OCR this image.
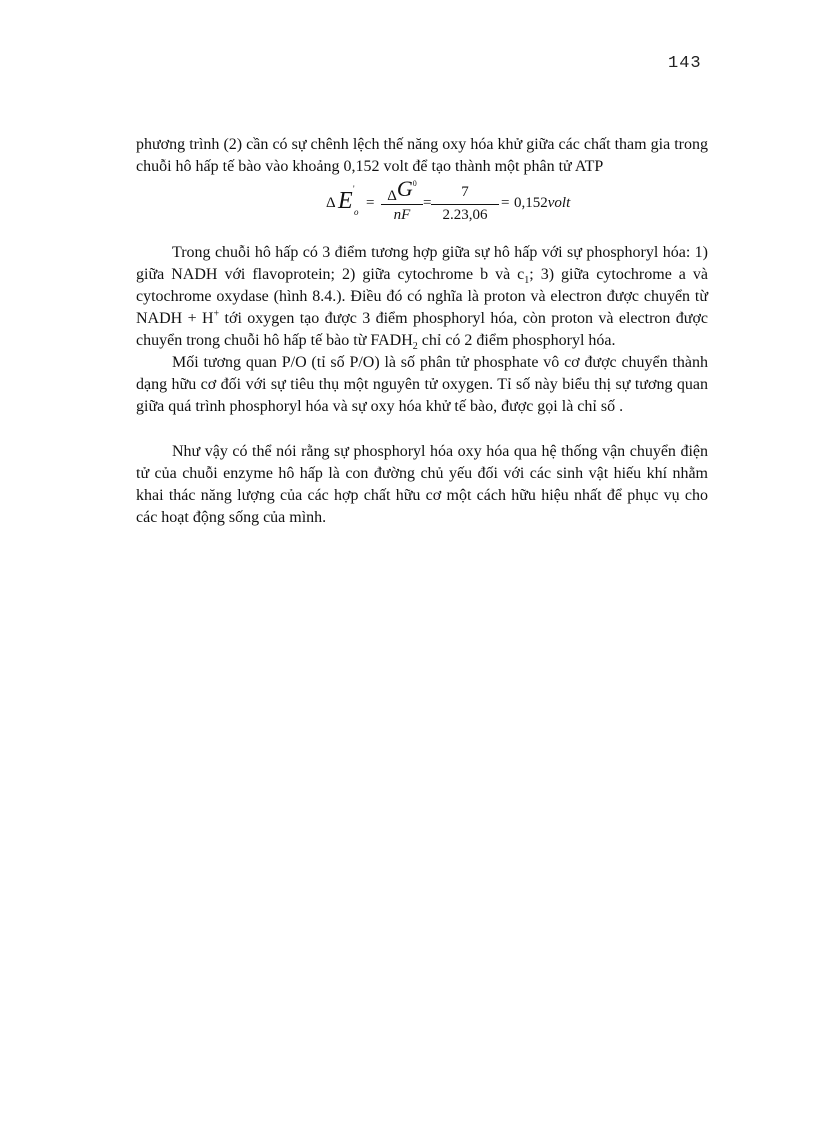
143

phương trình (2) cần có sự chênh lệch thế năng oxy hóa khử giữa các chất tham gia trong chuỗi hô hấp tế bào vào khoảng 0,152 volt để tạo thành một phân tử ATP

Δ E '
o
= $\Delta G^0$
nF
=
7
2.23,06
= 0,152volt

Trong chuỗi hô hấp có 3 điểm tương hợp giữa sự hô hấp với sự phosphoryl hóa: 1) giữa NADH với flavoprotein; 2) giữa cytochrome b và $c_1$; 3) giữa cytochrome a và cytochrome oxydase (hình 8.4.). Điều đó có nghĩa là proton và electron được chuyển từ NADH + H+ tới oxygen tạo được 3 điểm phosphoryl hóa, còn proton và electron được chuyển trong chuỗi hô hấp tế bào từ $FADH_2$ chỉ có 2 điểm phosphoryl hóa.

Mối tương quan P/O (tỉ số P/O) là số phân tử phosphate vô cơ được chuyển thành dạng hữu cơ đối với sự tiêu thụ một nguyên tử oxygen. Tỉ số này biểu thị sự tương quan giữa quá trình phosphoryl hóa và sự oxy hóa khử tế bào, được gọi là chỉ số .

Như vậy có thể nói rằng sự phosphoryl hóa oxy hóa qua hệ thống vận chuyển điện tử của chuỗi enzyme hô hấp là con đường chủ yếu đối với các sinh vật hiếu khí nhằm khai thác năng lượng của các hợp chất hữu cơ một cách hữu hiệu nhất để phục vụ cho các hoạt động sống của mình.
